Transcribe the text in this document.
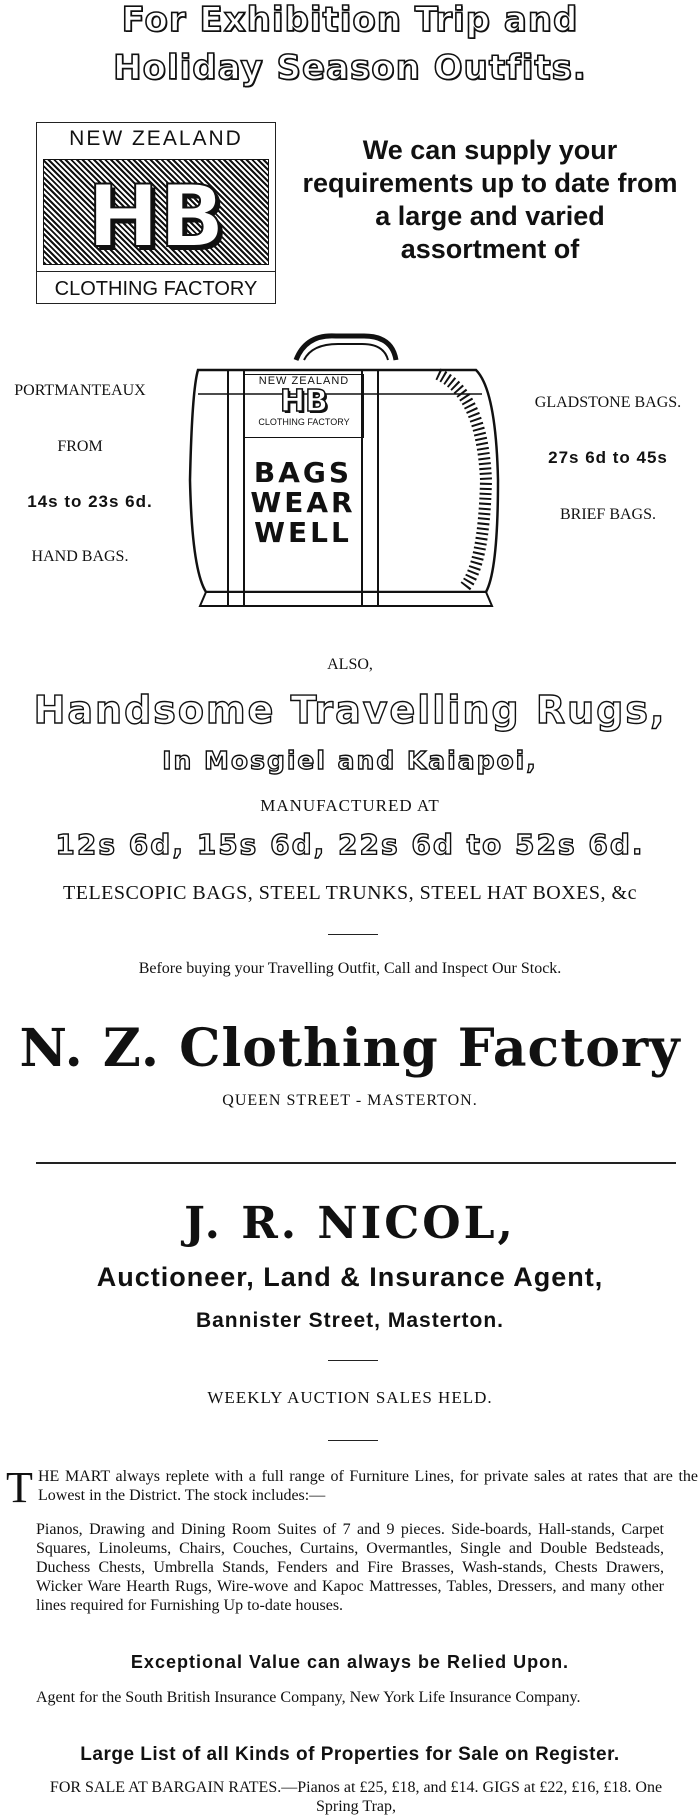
For Exhibition Trip and
Holiday Season Outfits.
NEW ZEALAND
HB
CLOTHING FACTORY
We can supply your requirements up to date from a large and varied assortment of
PORTMANTEAUX
FROM
14s to 23s 6d.
HAND BAGS.
GLADSTONE BAGS.
27s 6d to 45s
BRIEF BAGS.
NEW ZEALAND
HB
CLOTHING FACTORY
BAGS
WEAR
WELL
ALSO,
Handsome Travelling Rugs,
In Mosgiel and Kaiapoi,
MANUFACTURED AT
12s 6d, 15s 6d, 22s 6d to 52s 6d.
TELESCOPIC BAGS, STEEL TRUNKS, STEEL HAT BOXES, &c
Before buying your Travelling Outfit, Call and Inspect Our Stock.
N. Z. Clothing Factory
QUEEN STREET - MASTERTON.
J. R. NICOL,
Auctioneer, Land & Insurance Agent,
Bannister Street, Masterton.
WEEKLY AUCTION SALES HELD.
T HE MART always replete with a full range of Furniture Lines, for private sales at rates that are the Lowest in the District. The stock includes:—
Pianos, Drawing and Dining Room Suites of 7 and 9 pieces. Side-boards, Hall-stands, Carpet Squares, Linoleums, Chairs, Couches, Curtains, Overmantles, Single and Double Bedsteads, Duchess Chests, Umbrella Stands, Fenders and Fire Brasses, Wash-stands, Chests Drawers, Wicker Ware Hearth Rugs, Wire-wove and Kapoc Mattresses, Tables, Dressers, and many other lines required for Furnishing Up to-date houses.
Exceptional Value can always be Relied Upon.
Agent for the South British Insurance Company, New York Life Insurance Company.
Large List of all Kinds of Properties for Sale on Register.
FOR SALE AT BARGAIN RATES.—Pianos at £25, £18, and £14. GIGS at £22, £16, £18. One Spring Trap,
